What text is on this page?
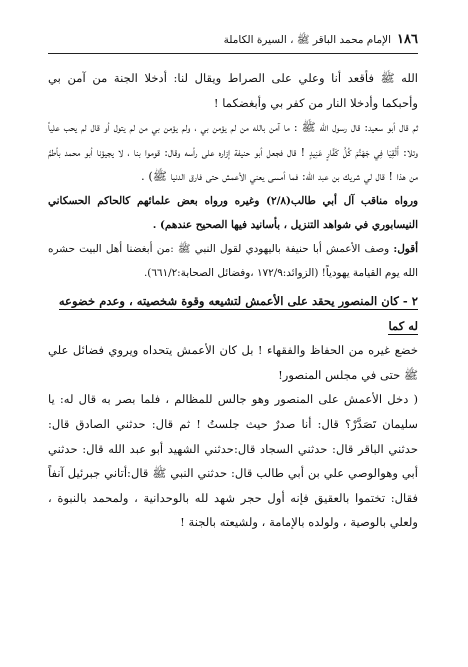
١٨٦
الإمام محمد الباقر ﷺ ، السيرة الكاملة

الله ﷺ فأقعد أنا وعلي على الصراط ويقال لنا: أدخلا الجنة من آمن بي وأحبكما وأدخلا النار من كفر بي وأبغضكما !

ثم قال أبو سعيد: قال رسول الله ﷺ : ما آمن بالله من لم يؤمن بي ، ولم يؤمن بي من لم يتول أو قال لم يحب علياً وتلا: أَلْقِيَا فِي جَهَنَّمَ كُلَّ كَفَّارٍ عَنِيدٍ ! قال فجعل أبو حنيفة إزاره على رأسه وقال: قوموا بنا ، لا يجيؤنا أبو محمد بأطمَّ من هذا ! قال لي شريك بن عبد الله: فما أمسى يعني الأعمش حتى فارق الدنيا ﷺ) .

ورواه مناقب آل أبي طالب(٢/٨) وغيره ورواه بعض علمائهم كالحاكم الحسكاني النيسابوري في شواهد التنزيل ، بأسانيد فيها الصحيح عندهم) .

أقول: وصف الأعمش أبا حنيفة باليهودي لقول النبي ﷺ :من أبغضنا أهل البيت حشره الله يوم القيامة يهودياً! (الزوائد:١٧٢/٩ ،وفضائل الصحابة:٦٦١/٢).

٢ - كان المنصور يحقد على الأعمش لتشيعه وقوة شخصيته ، وعدم خضوعه له كما

خضع غيره من الحفاظ والفقهاء ! بل كان الأعمش يتحداه ويروي فضائل علي ﷺ حتى في مجلس المنصور!

( دخل الأعمش على المنصور وهو جالس للمظالم ، فلما بصر به قال له: يا سليمان تَصَدَّرْ؟ قال: أنا صدرٌ حيث جلستُ ! ثم قال: حدثني الصادق قال: حدثني الباقر قال: حدثني السجاد قال:حدثني الشهيد أبو عبد الله قال: حدثني أبي وهوالوصي علي بن أبي طالب قال: حدثني النبي ﷺ قال:أتاني جبرئيل آنفاً فقال: تختموا بالعقيق فإنه أول حجر شهد لله بالوحدانية ، ولمحمد بالنبوة ، ولعلي بالوصية ، ولولده بالإمامة ، ولشيعته بالجنة !
